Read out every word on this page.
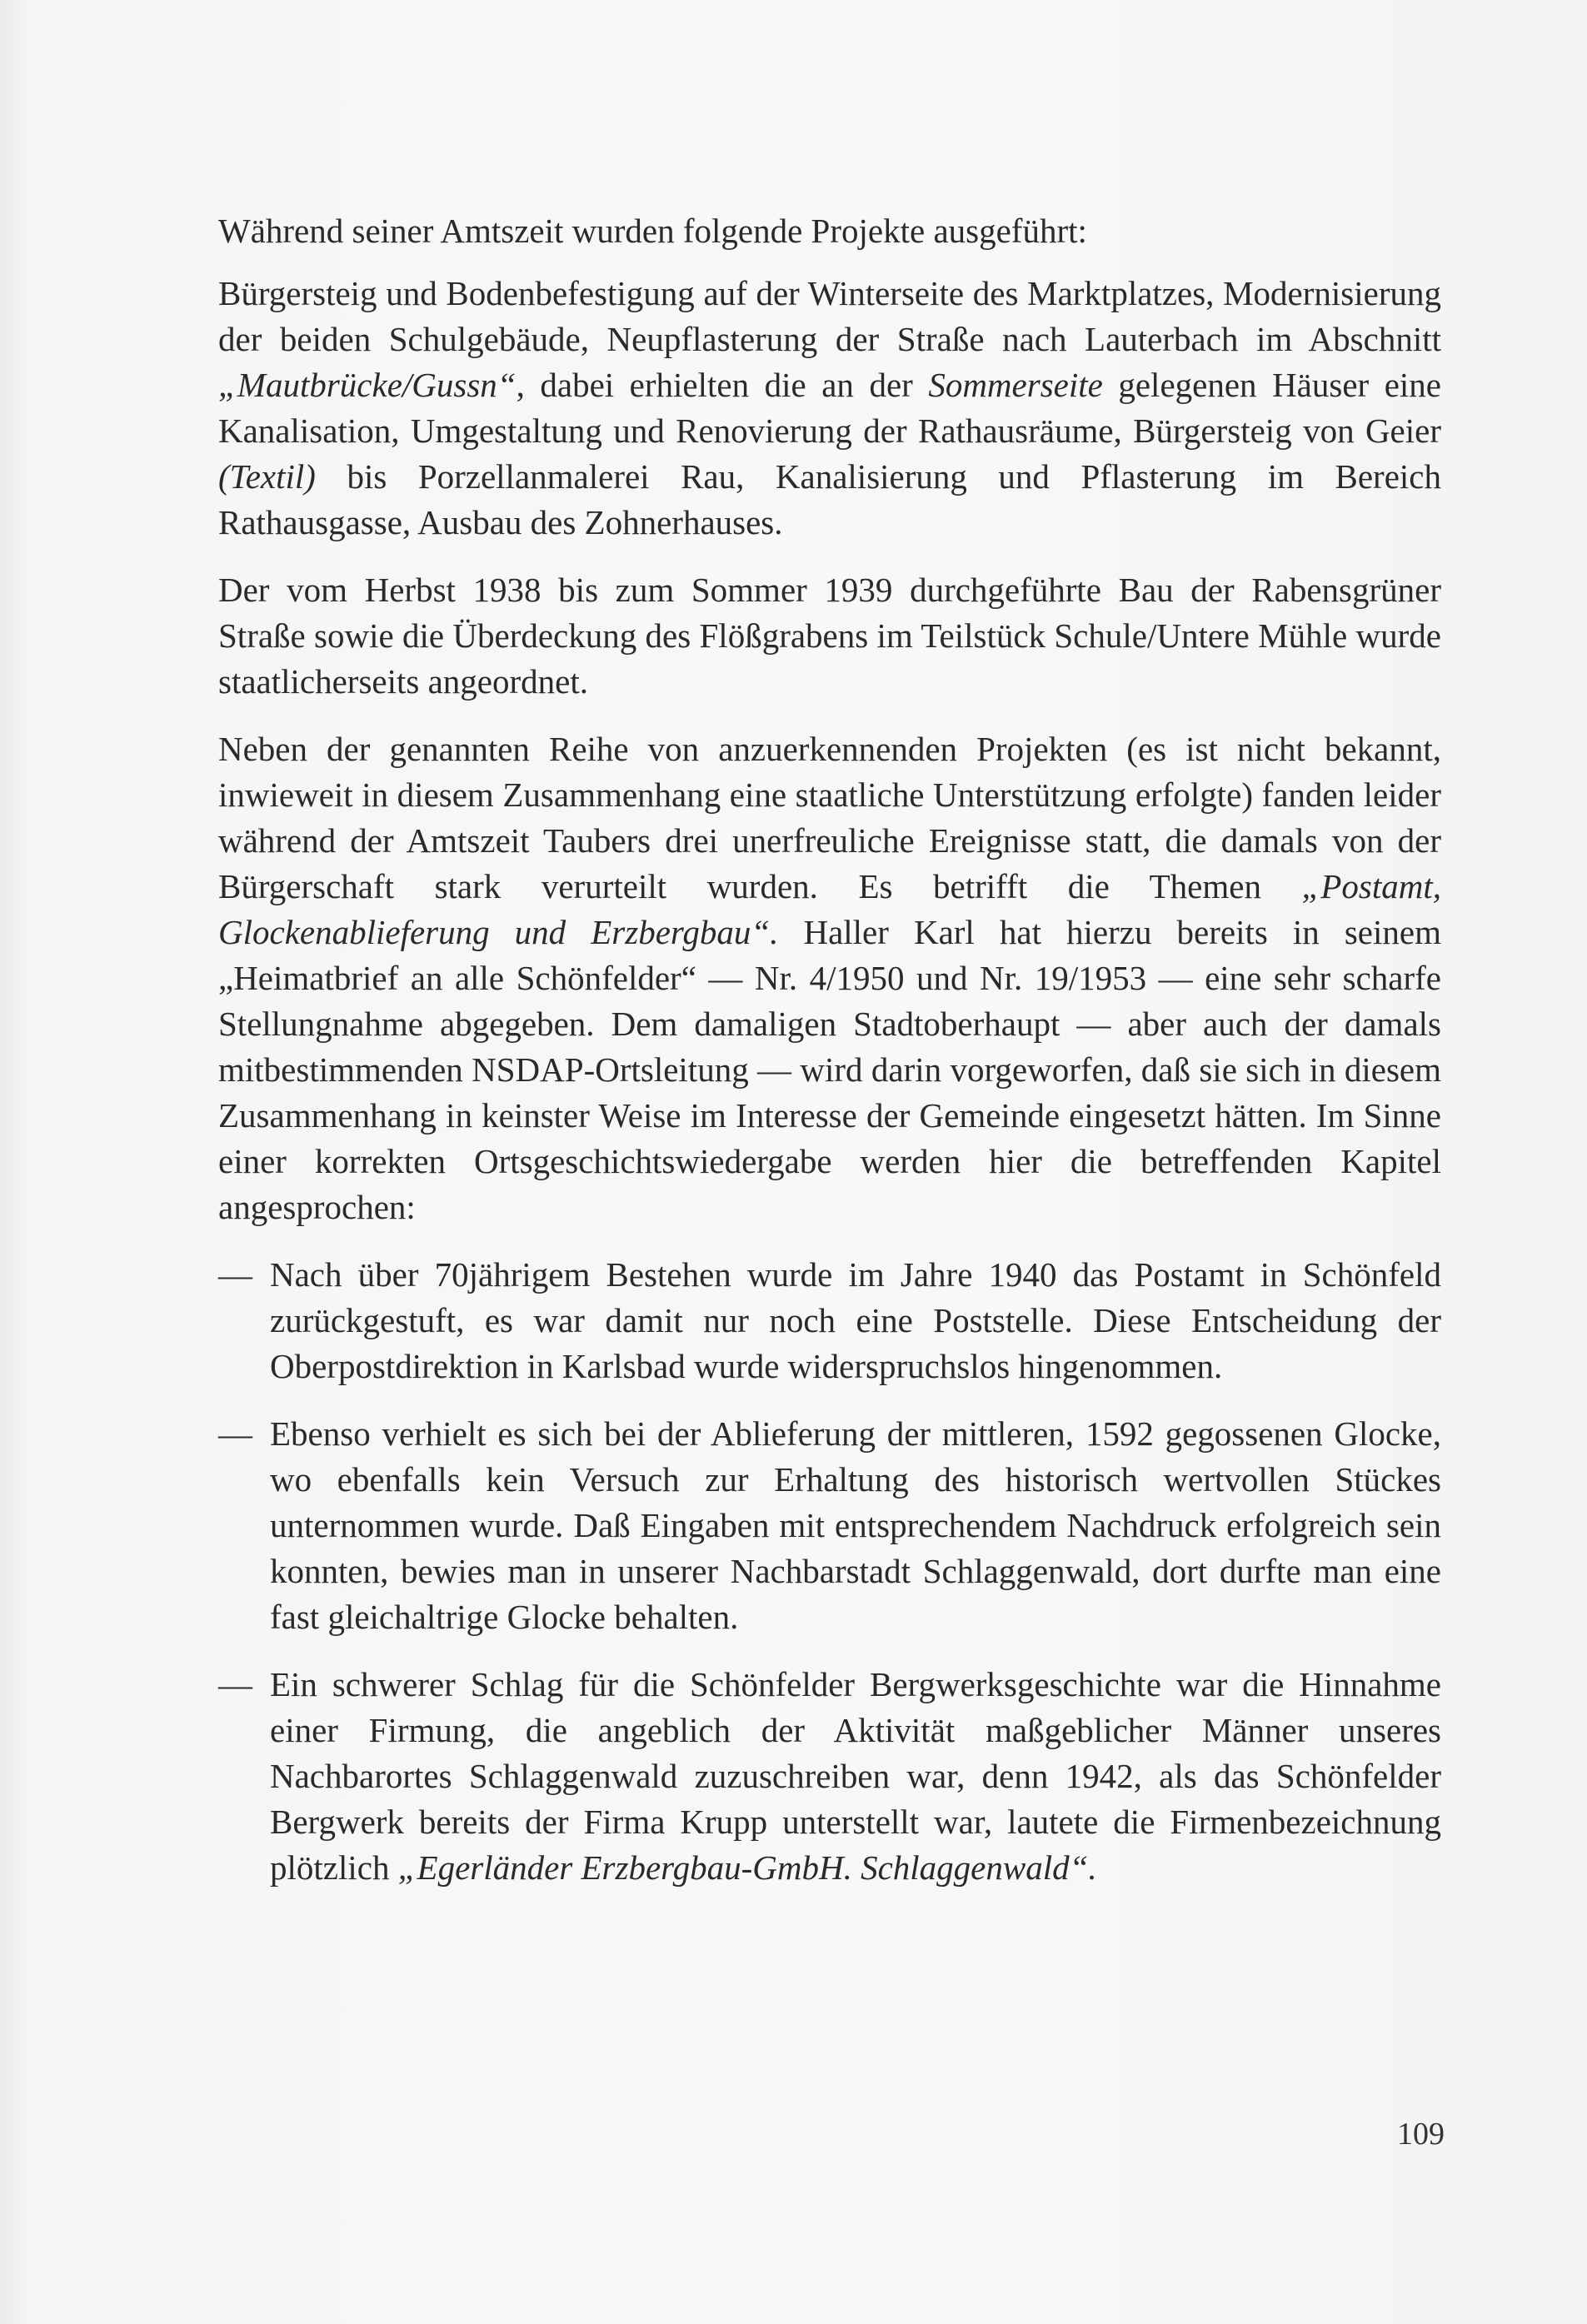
Während seiner Amtszeit wurden folgende Projekte ausgeführt:

Bürgersteig und Bodenbefestigung auf der Winterseite des Marktplatzes, Modernisierung der beiden Schulgebäude, Neupflasterung der Straße nach Lauterbach im Abschnitt „Mautbrücke/Gussn“, dabei erhielten die an der Sommerseite gelegenen Häuser eine Kanalisation, Umgestaltung und Renovierung der Rathausräume, Bürgersteig von Geier (Textil) bis Porzellanmalerei Rau, Kanalisierung und Pflasterung im Bereich Rathausgasse, Ausbau des Zohnerhauses.

Der vom Herbst 1938 bis zum Sommer 1939 durchgeführte Bau der Rabensgrüner Straße sowie die Überdeckung des Flößgrabens im Teilstück Schule/Untere Mühle wurde staatlicherseits angeordnet.

Neben der genannten Reihe von anzuerkennenden Projekten (es ist nicht bekannt, inwieweit in diesem Zusammenhang eine staatliche Unterstützung erfolgte) fanden leider während der Amtszeit Taubers drei unerfreuliche Ereignisse statt, die damals von der Bürgerschaft stark verurteilt wurden. Es betrifft die Themen „Postamt, Glockenablieferung und Erzbergbau“. Haller Karl hat hierzu bereits in seinem „Heimatbrief an alle Schönfelder“ — Nr. 4/1950 und Nr. 19/1953 — eine sehr scharfe Stellungnahme abgegeben. Dem damaligen Stadtoberhaupt — aber auch der damals mitbestimmenden NSDAP-Ortsleitung — wird darin vorgeworfen, daß sie sich in diesem Zusammenhang in keinster Weise im Interesse der Gemeinde eingesetzt hätten. Im Sinne einer korrekten Ortsgeschichtswiedergabe werden hier die betreffenden Kapitel angesprochen:

— Nach über 70jährigem Bestehen wurde im Jahre 1940 das Postamt in Schönfeld zurückgestuft, es war damit nur noch eine Poststelle. Diese Entscheidung der Oberpostdirektion in Karlsbad wurde widerspruchslos hingenommen.

— Ebenso verhielt es sich bei der Ablieferung der mittleren, 1592 gegossenen Glocke, wo ebenfalls kein Versuch zur Erhaltung des historisch wertvollen Stückes unternommen wurde. Daß Eingaben mit entsprechendem Nachdruck erfolgreich sein konnten, bewies man in unserer Nachbarstadt Schlaggenwald, dort durfte man eine fast gleichaltrige Glocke behalten.

— Ein schwerer Schlag für die Schönfelder Bergwerksgeschichte war die Hinnahme einer Firmung, die angeblich der Aktivität maßgeblicher Männer unseres Nachbarortes Schlaggenwald zuzuschreiben war, denn 1942, als das Schönfelder Bergwerk bereits der Firma Krupp unterstellt war, lautete die Firmenbezeichnung plötzlich „Egerländer Erzbergbau-GmbH. Schlaggenwald“.

109
